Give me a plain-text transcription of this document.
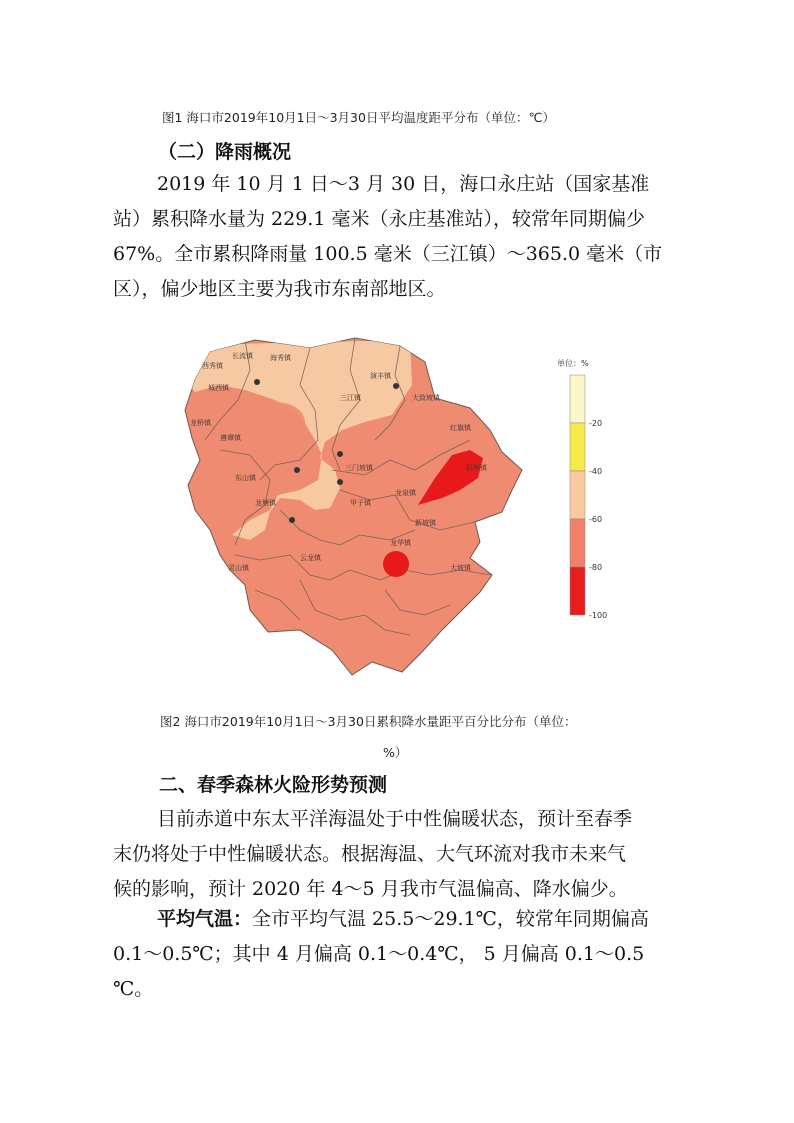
图1 海口市2019年10月1日～3月30日平均温度距平分布（单位：℃）
（二）降雨概况
2019 年 10 月 1 日～3 月 30 日，海口永庄站（国家基准
站）累积降水量为 229.1 毫米（永庄基准站），较常年同期偏少
67%。全市累积降雨量 100.5 毫米（三江镇）～365.0 毫米（市
区），偏少地区主要为我市东南部地区。
西秀镇
长流镇 海秀镇
城西镇
龙桥镇
遵谭镇
东山镇
龙塘镇
灵山镇
三江镇
演丰镇
大致坡镇
红旗镇
旧州镇
三门坡镇
甲子镇
龙泉镇
新坡镇
龙华镇
大坡镇
云龙镇
单位：%
-20
-40
-60
-80
-100
图2 海口市2019年10月1日～3月30日累积降水量距平百分比分布（单位：
%）
二、春季森林火险形势预测
目前赤道中东太平洋海温处于中性偏暖状态，预计至春季
末仍将处于中性偏暖状态。根据海温、大气环流对我市未来气
候的影响，预计 2020 年 4～5 月我市气温偏高、降水偏少。
平均气温：全市平均气温 25.5～29.1℃，较常年同期偏高
0.1～0.5℃；其中 4 月偏高 0.1～0.4℃， 5 月偏高 0.1～0.5
℃。
